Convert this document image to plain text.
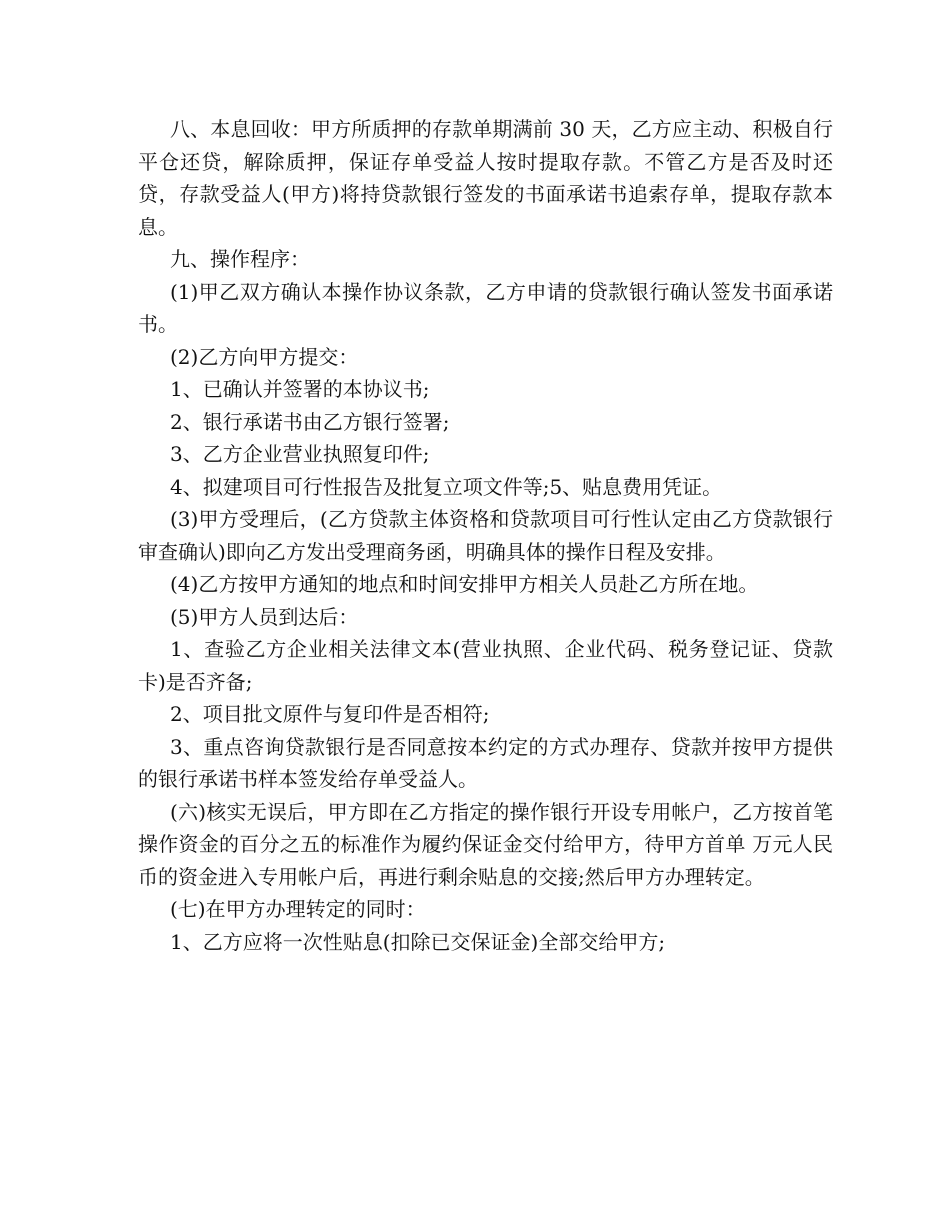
八、本息回收：甲方所质押的存款单期满前 30 天，乙方应主动、积极自行平仓还贷，解除质押，保证存单受益人按时提取存款。不管乙方是否及时还贷，存款受益人(甲方)将持贷款银行签发的书面承诺书追索存单，提取存款本息。

九、操作程序：

(1)甲乙双方确认本操作协议条款，乙方申请的贷款银行确认签发书面承诺书。

(2)乙方向甲方提交：

1、已确认并签署的本协议书;

2、银行承诺书由乙方银行签署;

3、乙方企业营业执照复印件;

4、拟建项目可行性报告及批复立项文件等;5、贴息费用凭证。

(3)甲方受理后，(乙方贷款主体资格和贷款项目可行性认定由乙方贷款银行审查确认)即向乙方发出受理商务函，明确具体的操作日程及安排。

(4)乙方按甲方通知的地点和时间安排甲方相关人员赴乙方所在地。

(5)甲方人员到达后：

1、查验乙方企业相关法律文本(营业执照、企业代码、税务登记证、贷款卡)是否齐备;

2、项目批文原件与复印件是否相符;

3、重点咨询贷款银行是否同意按本约定的方式办理存、贷款并按甲方提供的银行承诺书样本签发给存单受益人。

(六)核实无误后，甲方即在乙方指定的操作银行开设专用帐户，乙方按首笔操作资金的百分之五的标准作为履约保证金交付给甲方，待甲方首单 万元人民币的资金进入专用帐户后，再进行剩余贴息的交接;然后甲方办理转定。

(七)在甲方办理转定的同时：

1、乙方应将一次性贴息(扣除已交保证金)全部交给甲方;
